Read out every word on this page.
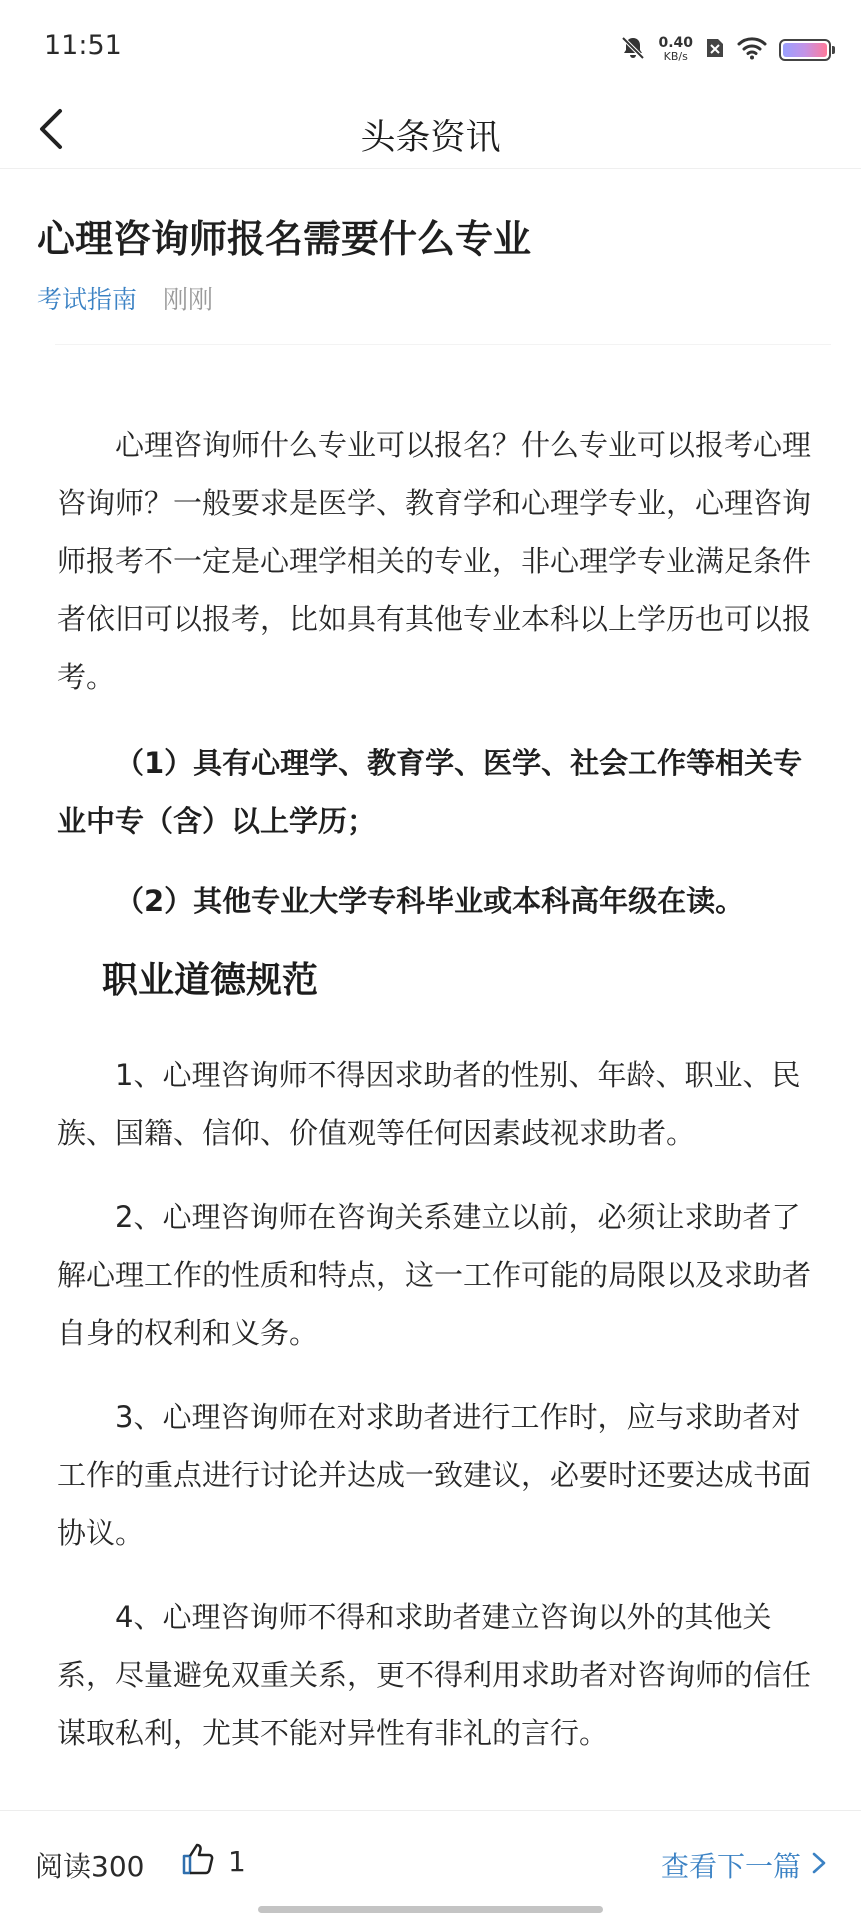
11:51	0.40
KB/s
头条资讯
心理咨询师报名需要什么专业
考试指南 刚刚

心理咨询师什么专业可以报名？什么专业可以报考心理咨询师？一般要求是医学、教育学和心理学专业，心理咨询师报考不一定是心理学相关的专业，非心理学专业满足条件者依旧可以报考，比如具有其他专业本科以上学历也可以报考。

（1）具有心理学、教育学、医学、社会工作等相关专业中专（含）以上学历；

（2）其他专业大学专科毕业或本科高年级在读。

职业道德规范

1、心理咨询师不得因求助者的性别、年龄、职业、民族、国籍、信仰、价值观等任何因素歧视求助者。

2、心理咨询师在咨询关系建立以前，必须让求助者了解心理工作的性质和特点，这一工作可能的局限以及求助者自身的权利和义务。

3、心理咨询师在对求助者进行工作时，应与求助者对工作的重点进行讨论并达成一致建议，必要时还要达成书面协议。

4、心理咨询师不得和求助者建立咨询以外的其他关系，尽量避免双重关系，更不得利用求助者对咨询师的信任谋取私利，尤其不能对异性有非礼的言行。

阅读300	1	查看下一篇
